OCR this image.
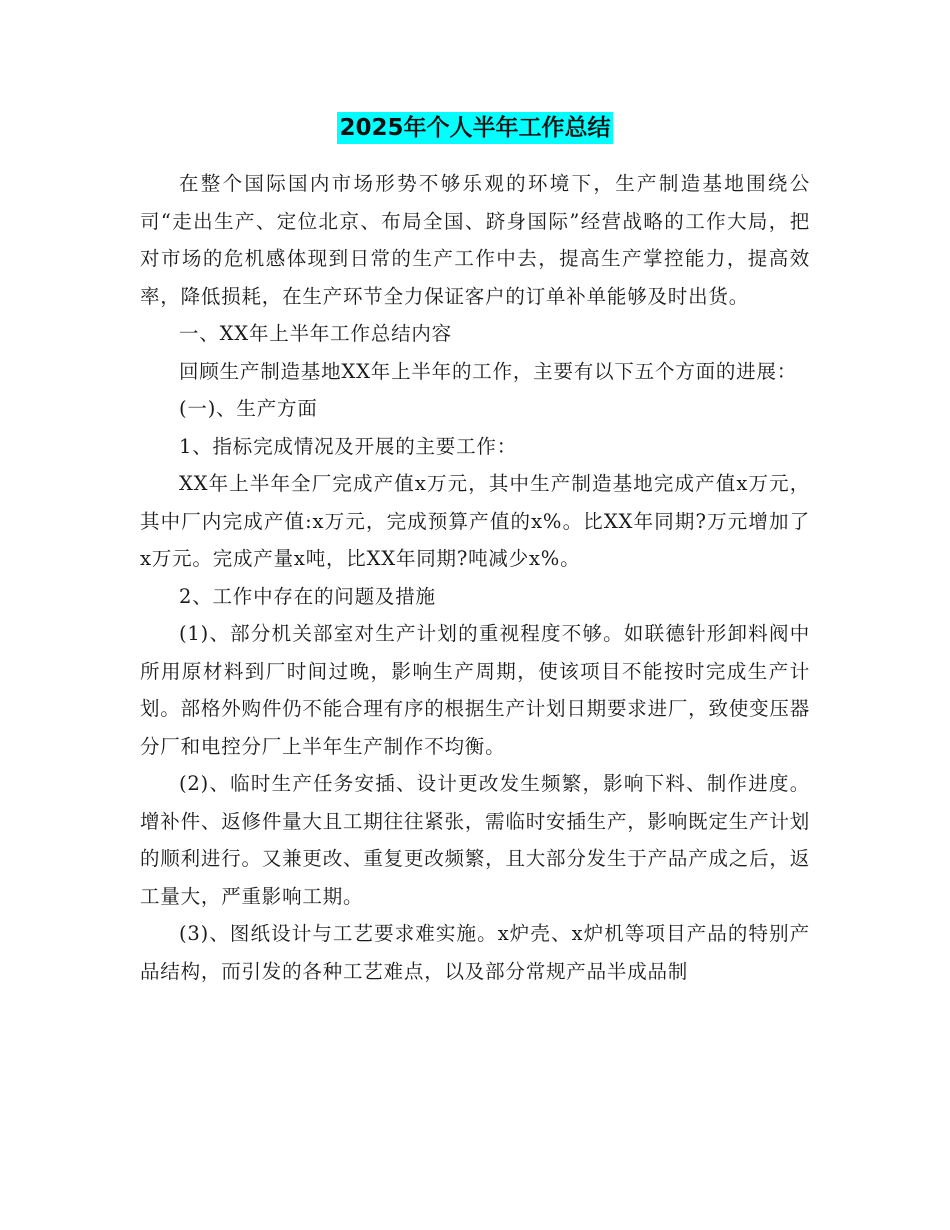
2025年个人半年工作总结

在整个国际国内市场形势不够乐观的环境下，生产制造基地围绕公司“走出生产、定位北京、布局全国、跻身国际”经营战略的工作大局，把对市场的危机感体现到日常的生产工作中去，提高生产掌控能力，提高效率，降低损耗，在生产环节全力保证客户的订单补单能够及时出货。

一、XX年上半年工作总结内容

回顾生产制造基地XX年上半年的工作，主要有以下五个方面的进展：

(一)、生产方面

1、指标完成情况及开展的主要工作：

XX年上半年全厂完成产值x万元，其中生产制造基地完成产值x万元，其中厂内完成产值:x万元，完成预算产值的x%。比XX年同期?万元增加了x万元。完成产量x吨，比XX年同期?吨减少x%。

2、工作中存在的问题及措施

(1)、部分机关部室对生产计划的重视程度不够。如联德针形卸料阀中所用原材料到厂时间过晚，影响生产周期，使该项目不能按时完成生产计划。部格外购件仍不能合理有序的根据生产计划日期要求进厂，致使变压器分厂和电控分厂上半年生产制作不均衡。

(2)、临时生产任务安插、设计更改发生频繁，影响下料、制作进度。增补件、返修件量大且工期往往紧张，需临时安插生产，影响既定生产计划的顺利进行。又兼更改、重复更改频繁，且大部分发生于产品产成之后，返工量大，严重影响工期。

(3)、图纸设计与工艺要求难实施。x炉壳、x炉机等项目产品的特别产品结构，而引发的各种工艺难点，以及部分常规产品半成品制
